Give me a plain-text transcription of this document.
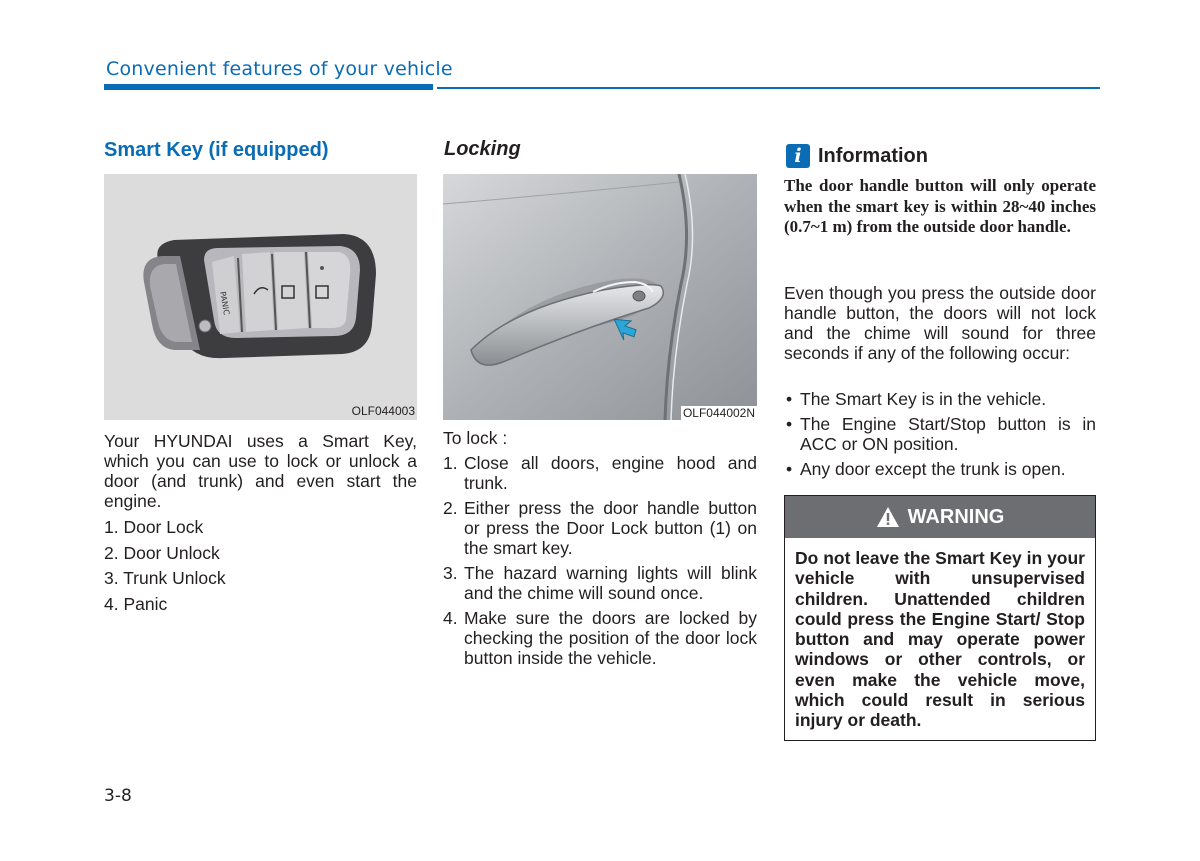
Convenient features of your vehicle
Smart Key (if equipped)
PANIC
OLF044003
Your HYUNDAI uses a Smart Key, which you can use to lock or unlock a door (and trunk) and even start the engine.
1. Door Lock
2. Door Unlock
3. Trunk Unlock
4. Panic
Locking
OLF044002N
To lock :
1. Close all doors, engine hood and trunk.
2. Either press the door handle button or press the Door Lock button (1) on the smart key.
3. The hazard warning lights will blink and the chime will sound once.
4. Make sure the doors are locked by checking the position of the door lock button inside the vehicle.
i Information
The door handle button will only operate when the smart key is within 28~40 inches (0.7~1 m) from the outside door handle.
Even though you press the outside door handle button, the doors will not lock and the chime will sound for three seconds if any of the following occur:
• The Smart Key is in the vehicle.
• The Engine Start/Stop button is in ACC or ON position.
• Any door except the trunk is open.
WARNING
Do not leave the Smart Key in your vehicle with unsupervised children. Unattended children could press the Engine Start/ Stop button and may operate power windows or other controls, or even make the vehicle move, which could result in serious injury or death.
3-8
